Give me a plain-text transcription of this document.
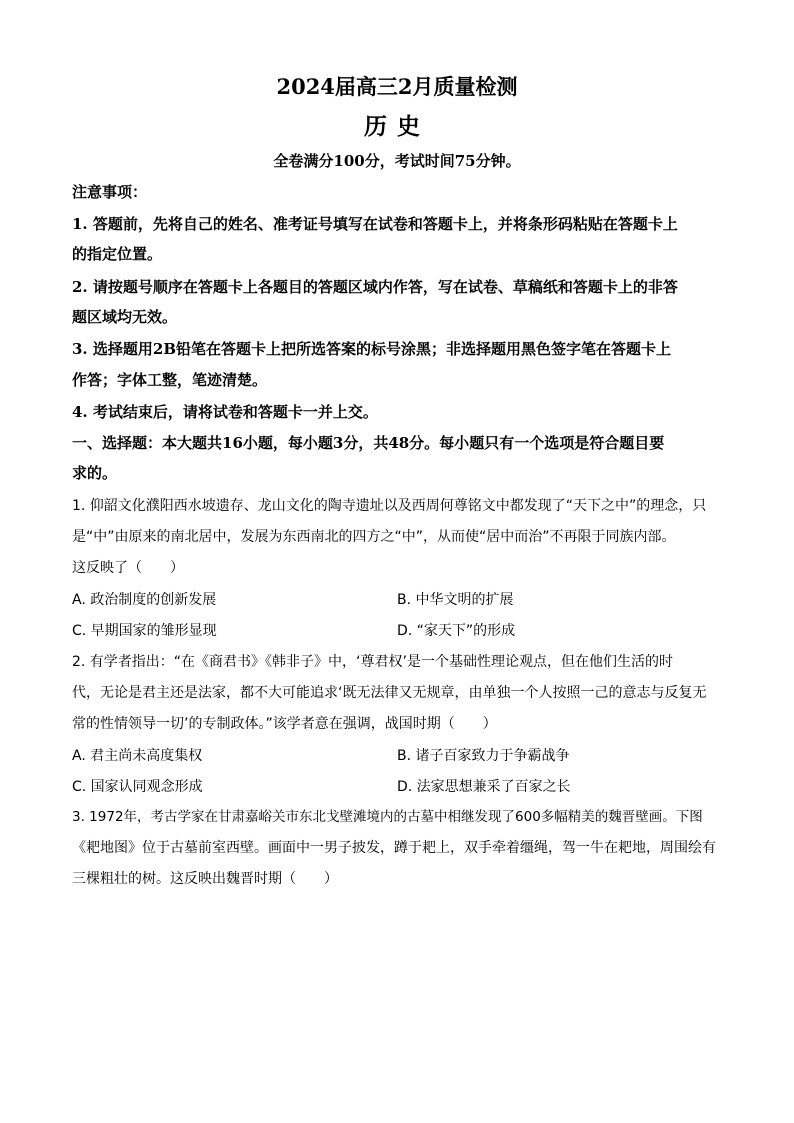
2024届高三2月质量检测
历史
全卷满分100分，考试时间75分钟。
注意事项：
1. 答题前，先将自己的姓名、准考证号填写在试卷和答题卡上，并将条形码粘贴在答题卡上
的指定位置。
2. 请按题号顺序在答题卡上各题目的答题区域内作答，写在试卷、草稿纸和答题卡上的非答
题区域均无效。
3. 选择题用2B铅笔在答题卡上把所选答案的标号涂黑；非选择题用黑色签字笔在答题卡上
作答；字体工整，笔迹清楚。
4. 考试结束后，请将试卷和答题卡一并上交。
一、选择题：本大题共16小题，每小题3分，共48分。每小题只有一个选项是符合题目要
求的。
1. 仰韶文化濮阳西水坡遗存、龙山文化的陶寺遗址以及西周何尊铭文中都发现了“天下之中”的理念，只
是“中”由原来的南北居中，发展为东西南北的四方之“中”，从而使“居中而治”不再限于同族内部。
这反映了（　　）
A. 政治制度的创新发展	B. 中华文明的扩展
C. 早期国家的雏形显现	D. “家天下”的形成
2. 有学者指出：“在《商君书》《韩非子》中，‘尊君权’是一个基础性理论观点，但在他们生活的时
代，无论是君主还是法家，都不大可能追求‘既无法律又无规章，由单独一个人按照一己的意志与反复无
常的性情领导一切’的专制政体。”该学者意在强调，战国时期（　　）
A. 君主尚未高度集权	B. 诸子百家致力于争霸战争
C. 国家认同观念形成	D. 法家思想兼采了百家之长
3. 1972年，考古学家在甘肃嘉峪关市东北戈壁滩境内的古墓中相继发现了600多幅精美的魏晋壁画。下图
《耙地图》位于古墓前室西壁。画面中一男子披发，蹲于耙上，双手牵着缰绳，驾一牛在耙地，周围绘有
三棵粗壮的树。这反映出魏晋时期（　　）
